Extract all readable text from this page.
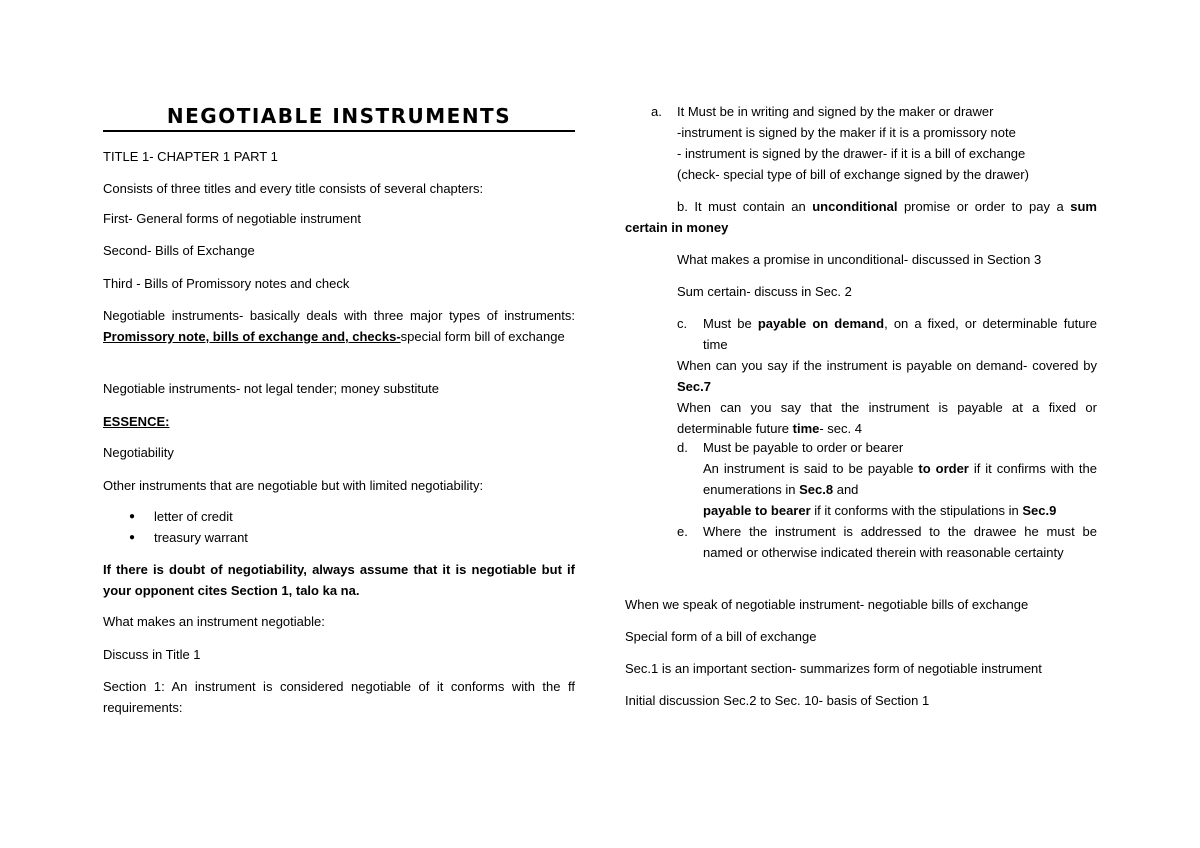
NEGOTIABLE INSTRUMENTS

TITLE 1- CHAPTER 1 PART 1

Consists of three titles and every title consists of several chapters:

First- General forms of negotiable instrument

Second- Bills of Exchange

Third - Bills of Promissory notes and check

Negotiable instruments- basically deals with three major types of instruments: Promissory note, bills of exchange and, checks-special form bill of exchange

Negotiable instruments- not legal tender; money substitute

ESSENCE:

Negotiability

Other instruments that are negotiable but with limited negotiability:

● letter of credit
● treasury warrant

If there is doubt of negotiability, always assume that it is negotiable but if your opponent cites Section 1, talo ka na.

What makes an instrument negotiable:

Discuss in Title 1

Section 1: An instrument is considered negotiable of it conforms with the ff requirements:

a. It Must be in writing and signed by the maker or drawer

-instrument is signed by the maker if it is a promissory note

- instrument is signed by the drawer- if it is a bill of exchange

(check- special type of bill of exchange signed by the drawer)

b. It must contain an unconditional promise or order to pay a sum certain in money

What makes a promise in unconditional- discussed in Section 3

Sum certain- discuss in Sec. 2

c. Must be payable on demand, on a fixed, or determinable future time

When can you say if the instrument is payable on demand- covered by Sec.7

When can you say that the instrument is payable at a fixed or determinable future time- sec. 4

d. Must be payable to order or bearer

An instrument is said to be payable to order if it confirms with the enumerations in Sec.8 and

payable to bearer if it conforms with the stipulations in Sec.9

e. Where the instrument is addressed to the drawee he must be named or otherwise indicated therein with reasonable certainty

When we speak of negotiable instrument- negotiable bills of exchange

Special form of a bill of exchange

Sec.1 is an important section- summarizes form of negotiable instrument

Initial discussion Sec.2 to Sec. 10- basis of Section 1
